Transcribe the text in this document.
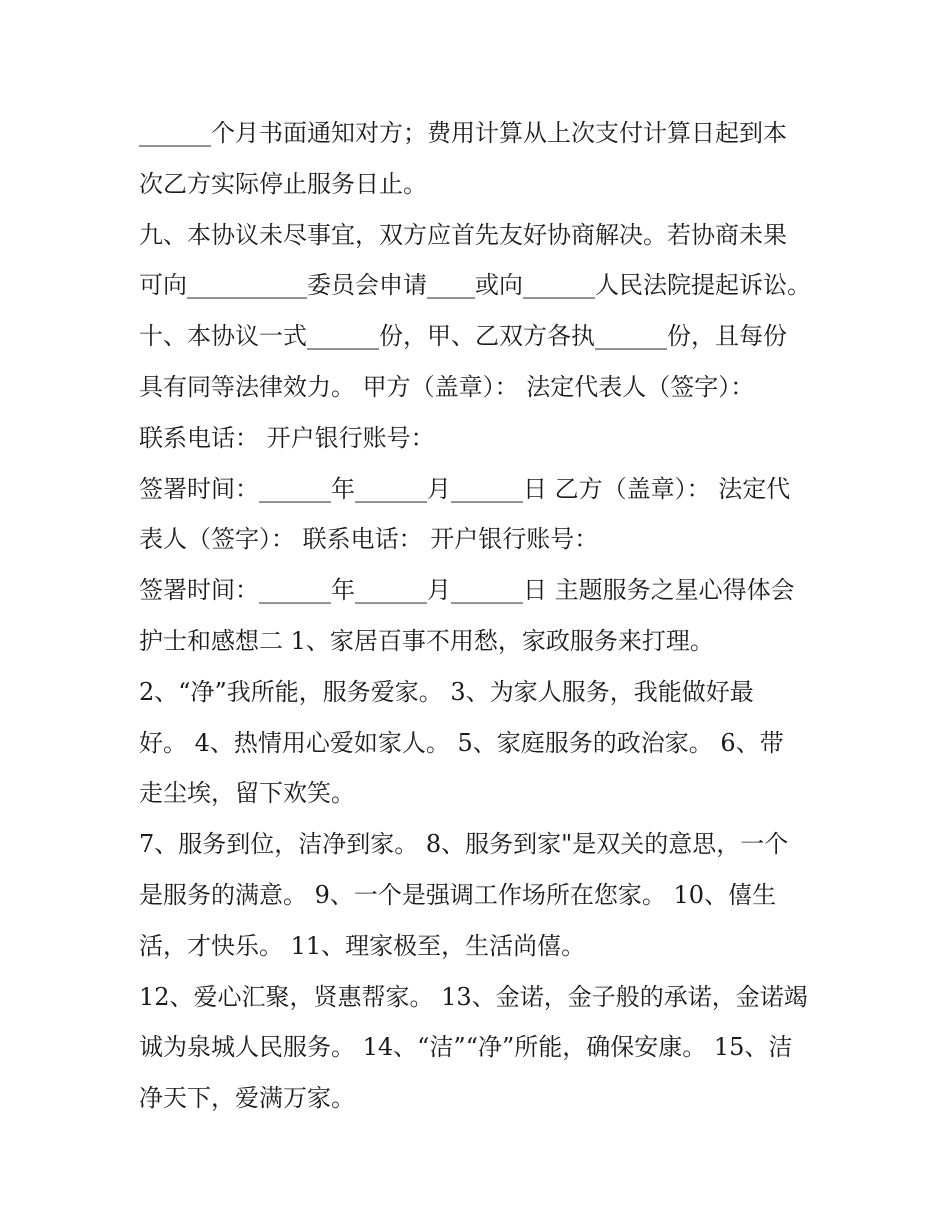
______个月书面通知对方；费用计算从上次支付计算日起到本
次乙方实际停止服务日止。
九、本协议未尽事宜，双方应首先友好协商解决。若协商未果
可向__________委员会申请____或向______人民法院提起诉讼。
十、本协议一式______份，甲、乙双方各执______份，且每份
具有同等法律效力。 甲方（盖章）： 法定代表人（签字）：
联系电话： 开户银行账号：
签署时间：______年______月______日 乙方（盖章）： 法定代
表人（签字）： 联系电话： 开户银行账号：
签署时间：______年______月______日 主题服务之星心得体会
护士和感想二 1、家居百事不用愁，家政服务来打理。
2、“净”我所能，服务爱家。 3、为家人服务，我能做好最
好。 4、热情用心爱如家人。 5、家庭服务的政治家。 6、带
走尘埃，留下欢笑。
7、服务到位，洁净到家。 8、服务到家"是双关的意思，一个
是服务的满意。 9、一个是强调工作场所在您家。 10、僖生
活，才快乐。 11、理家极至，生活尚僖。
12、爱心汇聚，贤惠帮家。 13、金诺，金子般的承诺，金诺竭
诚为泉城人民服务。 14、“洁”“净”所能，确保安康。 15、洁
净天下，爱满万家。
